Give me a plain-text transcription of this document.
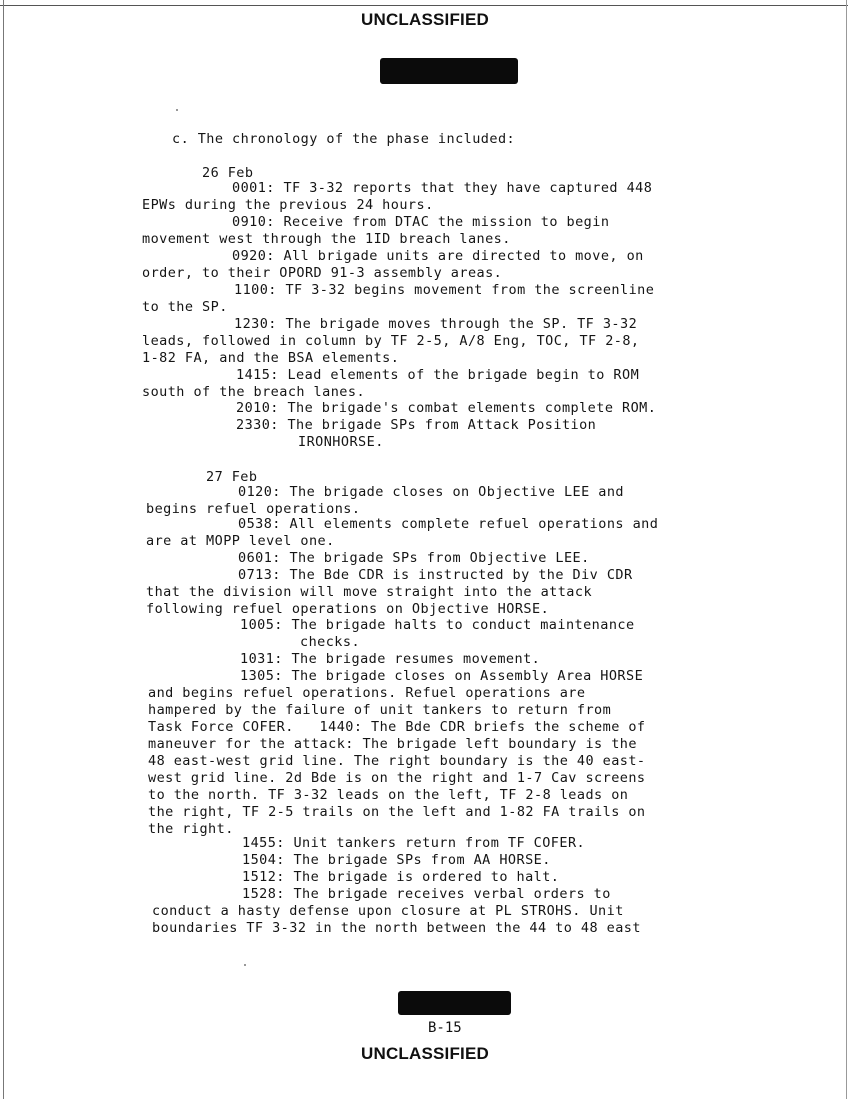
UNCLASSIFIED
c. The chronology of the phase included:
26 Feb
0001: TF 3-32 reports that they have captured 448
EPWs during the previous 24 hours.
0910: Receive from DTAC the mission to begin
movement west through the 1ID breach lanes.
0920: All brigade units are directed to move, on
order, to their OPORD 91-3 assembly areas.
1100: TF 3-32 begins movement from the screenline
to the SP.
1230: The brigade moves through the SP. TF 3-32
leads, followed in column by TF 2-5, A/8 Eng, TOC, TF 2-8,
1-82 FA, and the BSA elements.
1415: Lead elements of the brigade begin to ROM
south of the breach lanes.
2010: The brigade's combat elements complete ROM.
2330: The brigade SPs from Attack Position
IRONHORSE.
27 Feb
0120: The brigade closes on Objective LEE and
begins refuel operations.
0538: All elements complete refuel operations and
are at MOPP level one.
0601: The brigade SPs from Objective LEE.
0713: The Bde CDR is instructed by the Div CDR
that the division will move straight into the attack
following refuel operations on Objective HORSE.
1005: The brigade halts to conduct maintenance
checks.
1031: The brigade resumes movement.
1305: The brigade closes on Assembly Area HORSE
and begins refuel operations. Refuel operations are
hampered by the failure of unit tankers to return from
Task Force COFER.   1440: The Bde CDR briefs the scheme of
maneuver for the attack: The brigade left boundary is the
48 east-west grid line. The right boundary is the 40 east-
west grid line. 2d Bde is on the right and 1-7 Cav screens
to the north. TF 3-32 leads on the left, TF 2-8 leads on
the right, TF 2-5 trails on the left and 1-82 FA trails on
the right.
1455: Unit tankers return from TF COFER.
1504: The brigade SPs from AA HORSE.
1512: The brigade is ordered to halt.
1528: The brigade receives verbal orders to
conduct a hasty defense upon closure at PL STROHS. Unit
boundaries TF 3-32 in the north between the 44 to 48 east
B-15
UNCLASSIFIED
